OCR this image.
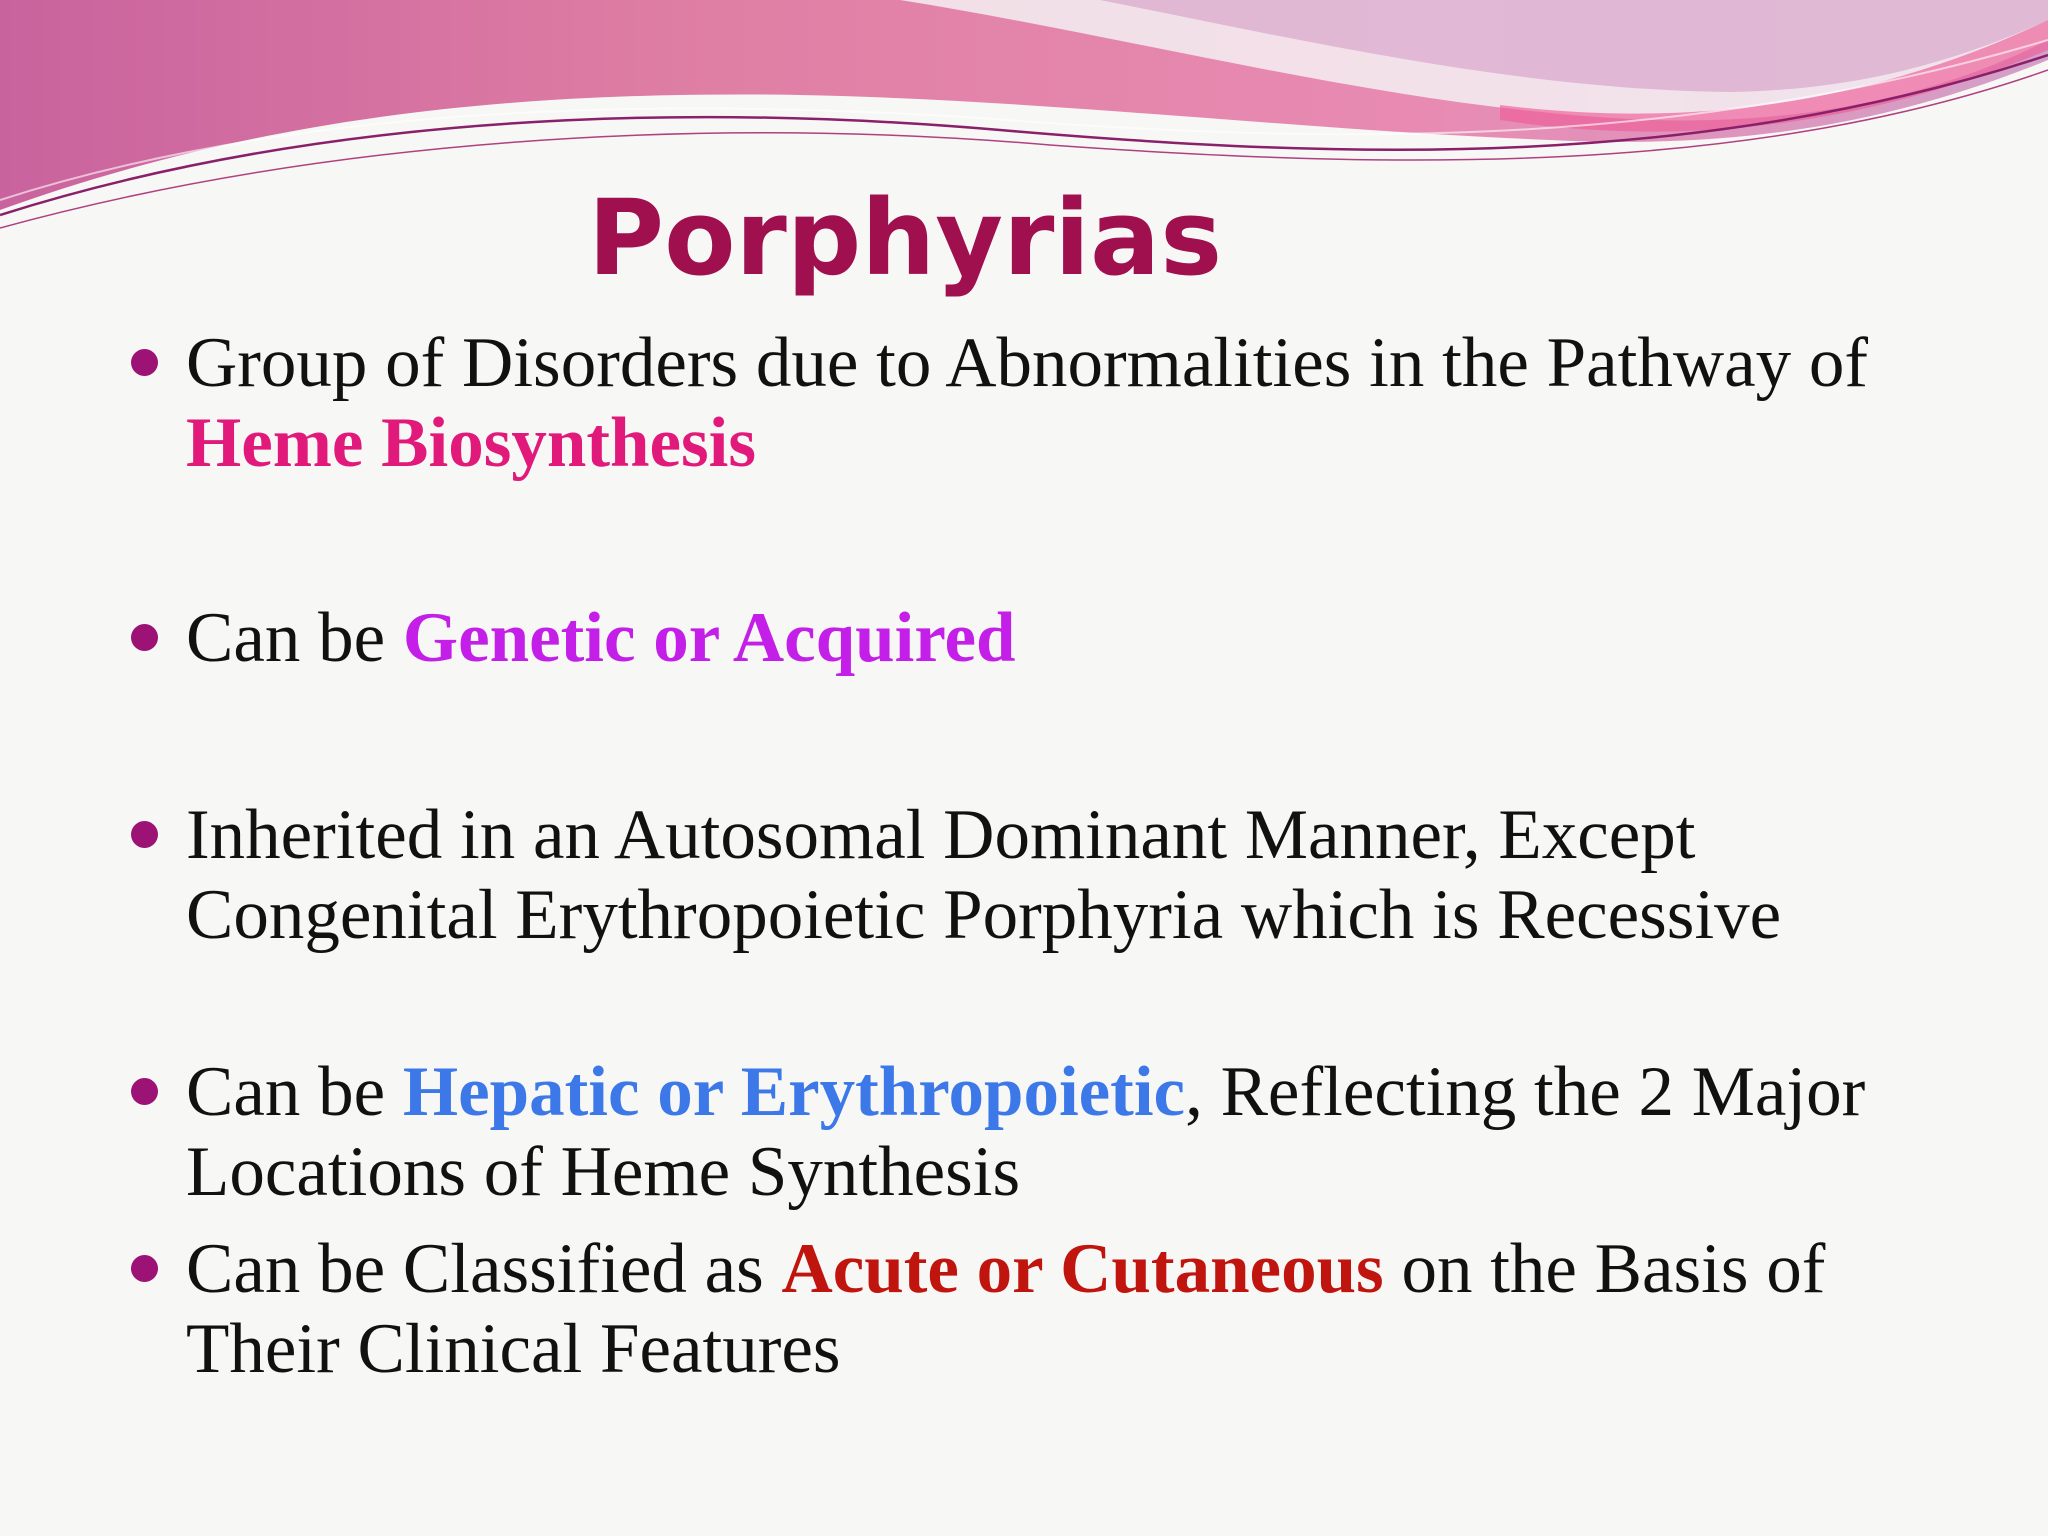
Porphyrias
Group of Disorders due to Abnormalities in the Pathway of Heme Biosynthesis
Can be Genetic or Acquired
Inherited in an Autosomal Dominant Manner, Except Congenital Erythropoietic Porphyria which is Recessive
Can be Hepatic or Erythropoietic, Reflecting the 2 Major Locations of Heme Synthesis
Can be Classified as Acute or Cutaneous on the Basis of Their Clinical Features
